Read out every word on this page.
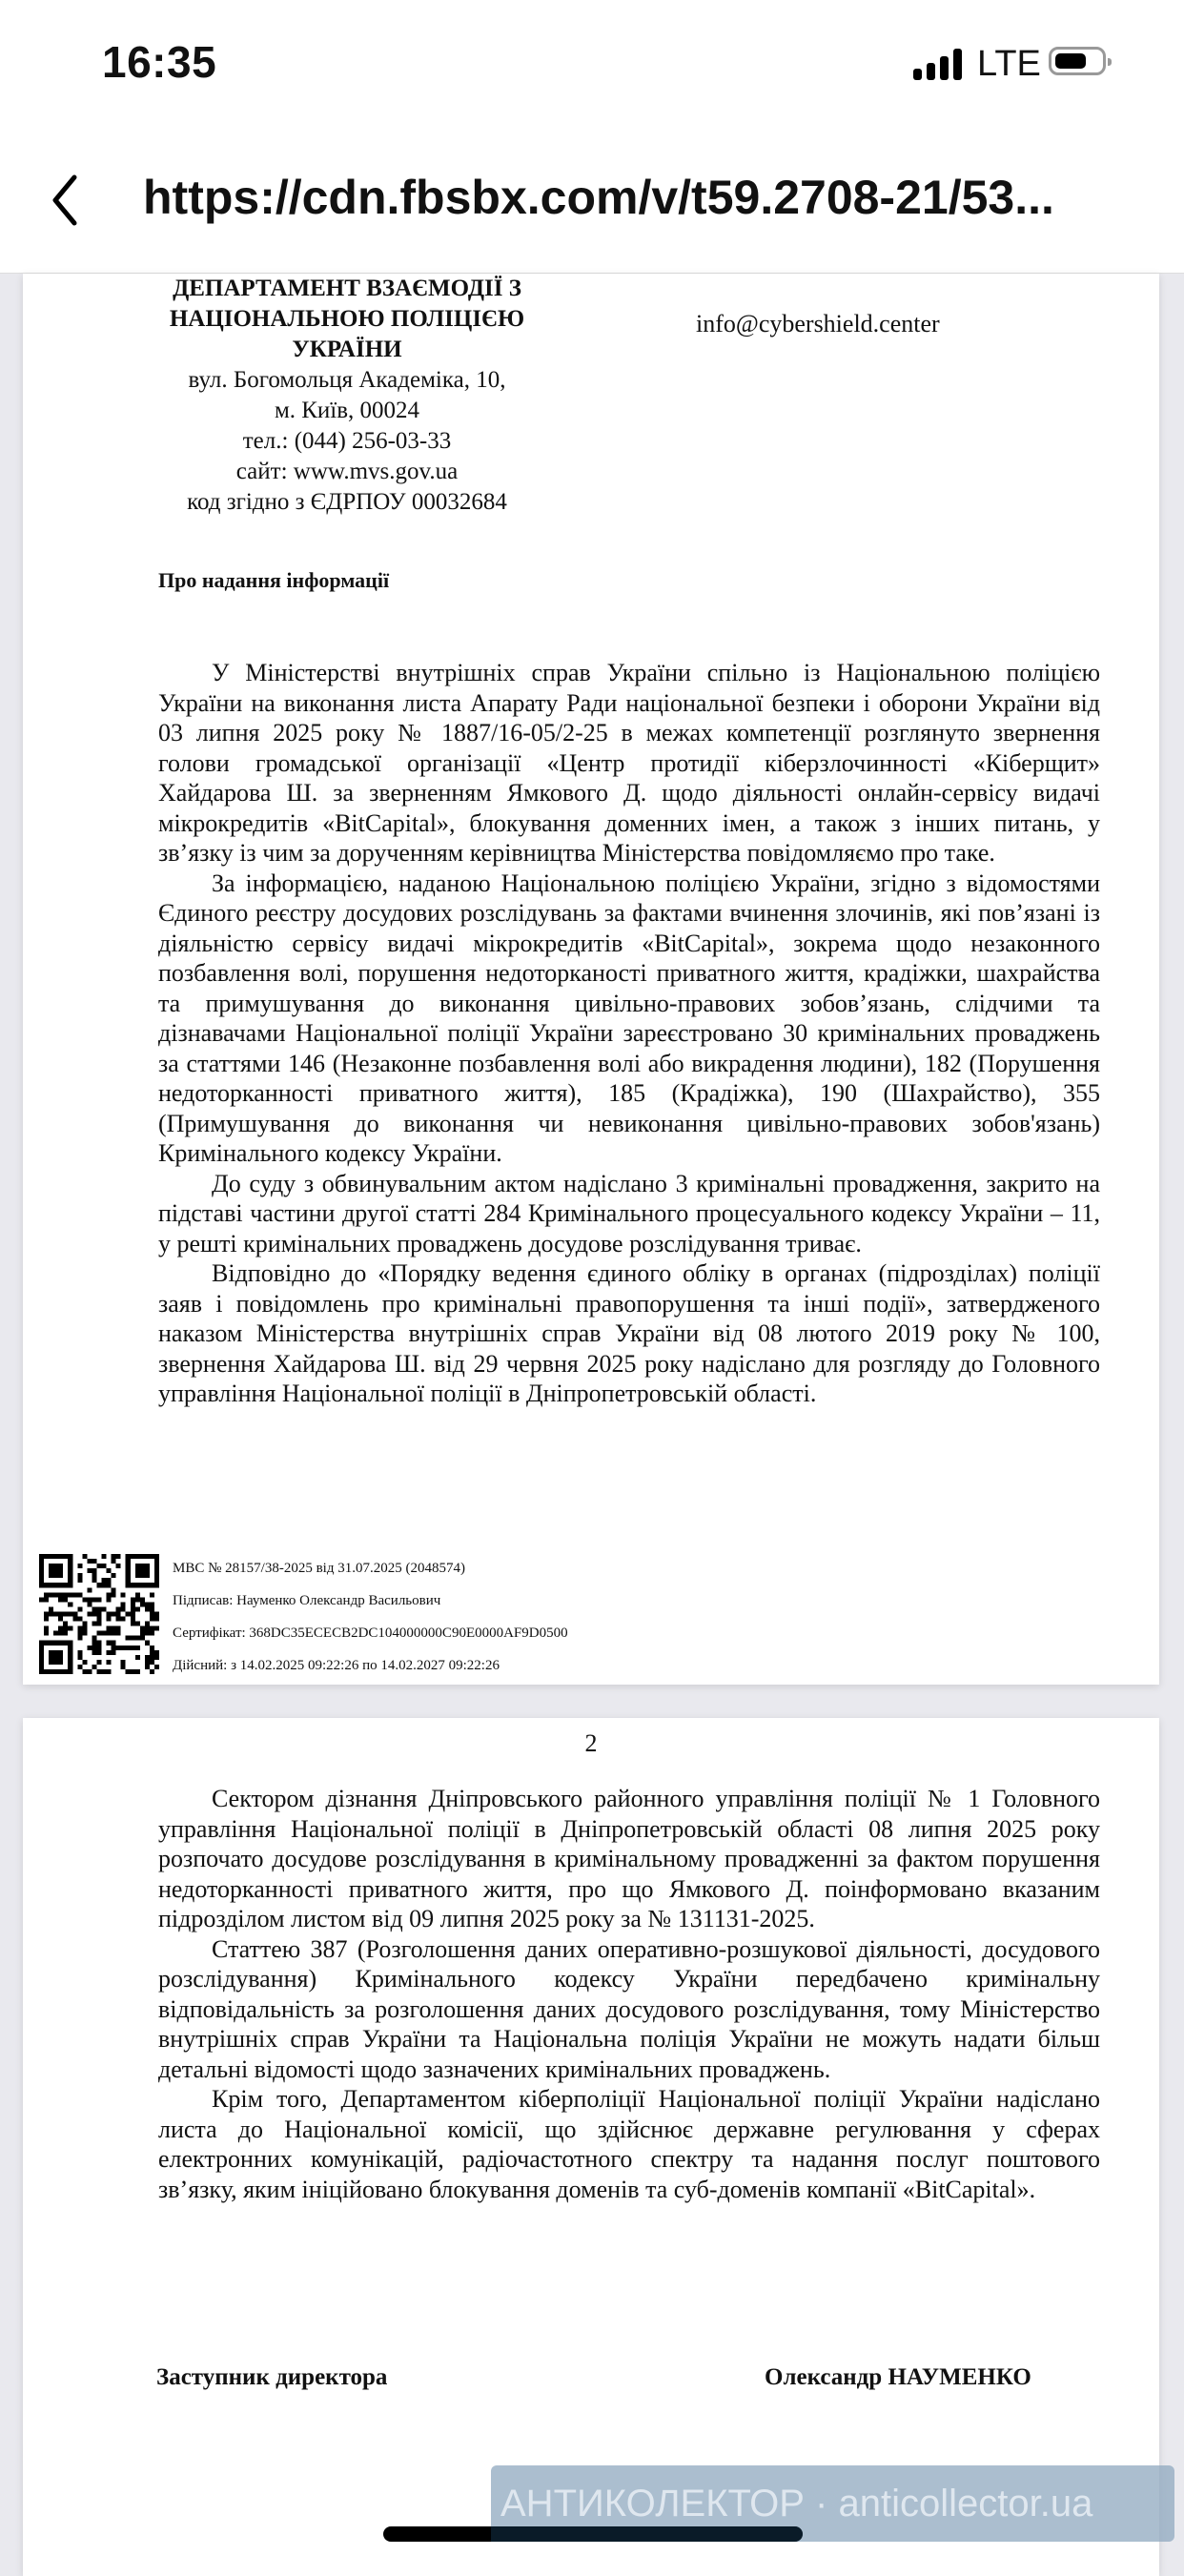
16:35	LTE
https://cdn.fbsbx.com/v/t59.2708-21/53...
ДЕПАРТАМЕНТ ВЗАЄМОДІЇ З
НАЦІОНАЛЬНОЮ ПОЛІЦІЄЮ УКРАЇНИ
вул. Богомольця Академіка, 10,
м. Київ, 00024
тел.: (044) 256-03-33
сайт: www.mvs.gov.ua
код згідно з ЄДРПОУ 00032684
info@cybershield.center
Про надання інформації

У Міністерстві внутрішніх справ України спільно із Національною поліцією України на виконання листа Апарату Ради національної безпеки і оборони України від 03 липня 2025 року № 1887/16-05/2-25 в межах компетенції розглянуто звернення голови громадської організації «Центр протидії кіберзлочинності «Кіберщит» Хайдарова Ш. за зверненням Ямкового Д. щодо діяльності онлайн-сервісу видачі мікрокредитів «BitCapital», блокування доменних імен, а також з інших питань, у зв’язку із чим за дорученням керівництва Міністерства повідомляємо про таке.

За інформацією, наданою Національною поліцією України, згідно з відомостями Єдиного реєстру досудових розслідувань за фактами вчинення злочинів, які пов’язані із діяльністю сервісу видачі мікрокредитів «BitCapital», зокрема щодо незаконного позбавлення волі, порушення недоторканості приватного життя, крадіжки, шахрайства та примушування до виконання цивільно-правових зобов’язань, слідчими та дізнавачами Національної поліції України зареєстровано 30 кримінальних проваджень за статтями 146 (Незаконне позбавлення волі або викрадення людини), 182 (Порушення недоторканності приватного життя), 185 (Крадіжка), 190 (Шахрайство), 355 (Примушування до виконання чи невиконання цивільно-правових зобов'язань) Кримінального кодексу України.

До суду з обвинувальним актом надіслано 3 кримінальні провадження, закрито на підставі частини другої статті 284 Кримінального процесуального кодексу України – 11, у решті кримінальних проваджень досудове розслідування триває.

Відповідно до «Порядку ведення єдиного обліку в органах (підрозділах) поліції заяв і повідомлень про кримінальні правопорушення та інші події», затвердженого наказом Міністерства внутрішніх справ України від 08 лютого 2019 року № 100, звернення Хайдарова Ш. від 29 червня 2025 року надіслано для розгляду до Головного управління Національної поліції в Дніпропетровській області.

МВС № 28157/38-2025 від 31.07.2025 (2048574)
Підписав: Науменко Олександр Васильович
Сертифікат: 368DC35ECECB2DC104000000C90E0000AF9D0500
Дійсний: з 14.02.2025 09:22:26 по 14.02.2027 09:22:26
2

Сектором дізнання Дніпровського районного управління поліції № 1 Головного управління Національної поліції в Дніпропетровській області 08 липня 2025 року розпочато досудове розслідування в кримінальному провадженні за фактом порушення недоторканності приватного життя, про що Ямкового Д. поінформовано вказаним підрозділом листом від 09 липня 2025 року за № 131131-2025.

Статтею 387 (Розголошення даних оперативно-розшукової діяльності, досудового розслідування) Кримінального кодексу України передбачено кримінальну відповідальність за розголошення даних досудового розслідування, тому Міністерство внутрішніх справ України та Національна поліція України не можуть надати більш детальні відомості щодо зазначених кримінальних проваджень.

Крім того, Департаментом кіберполіції Національної поліції України надіслано листа до Національної комісії, що здійснює державне регулювання у сферах електронних комунікацій, радіочастотного спектру та надання послуг поштового зв’язку, яким ініційовано блокування доменів та суб-доменів компанії «BitCapital».

Заступник директора	Олександр НАУМЕНКО
АНТИКОЛЕКТОР · anticollector.ua
